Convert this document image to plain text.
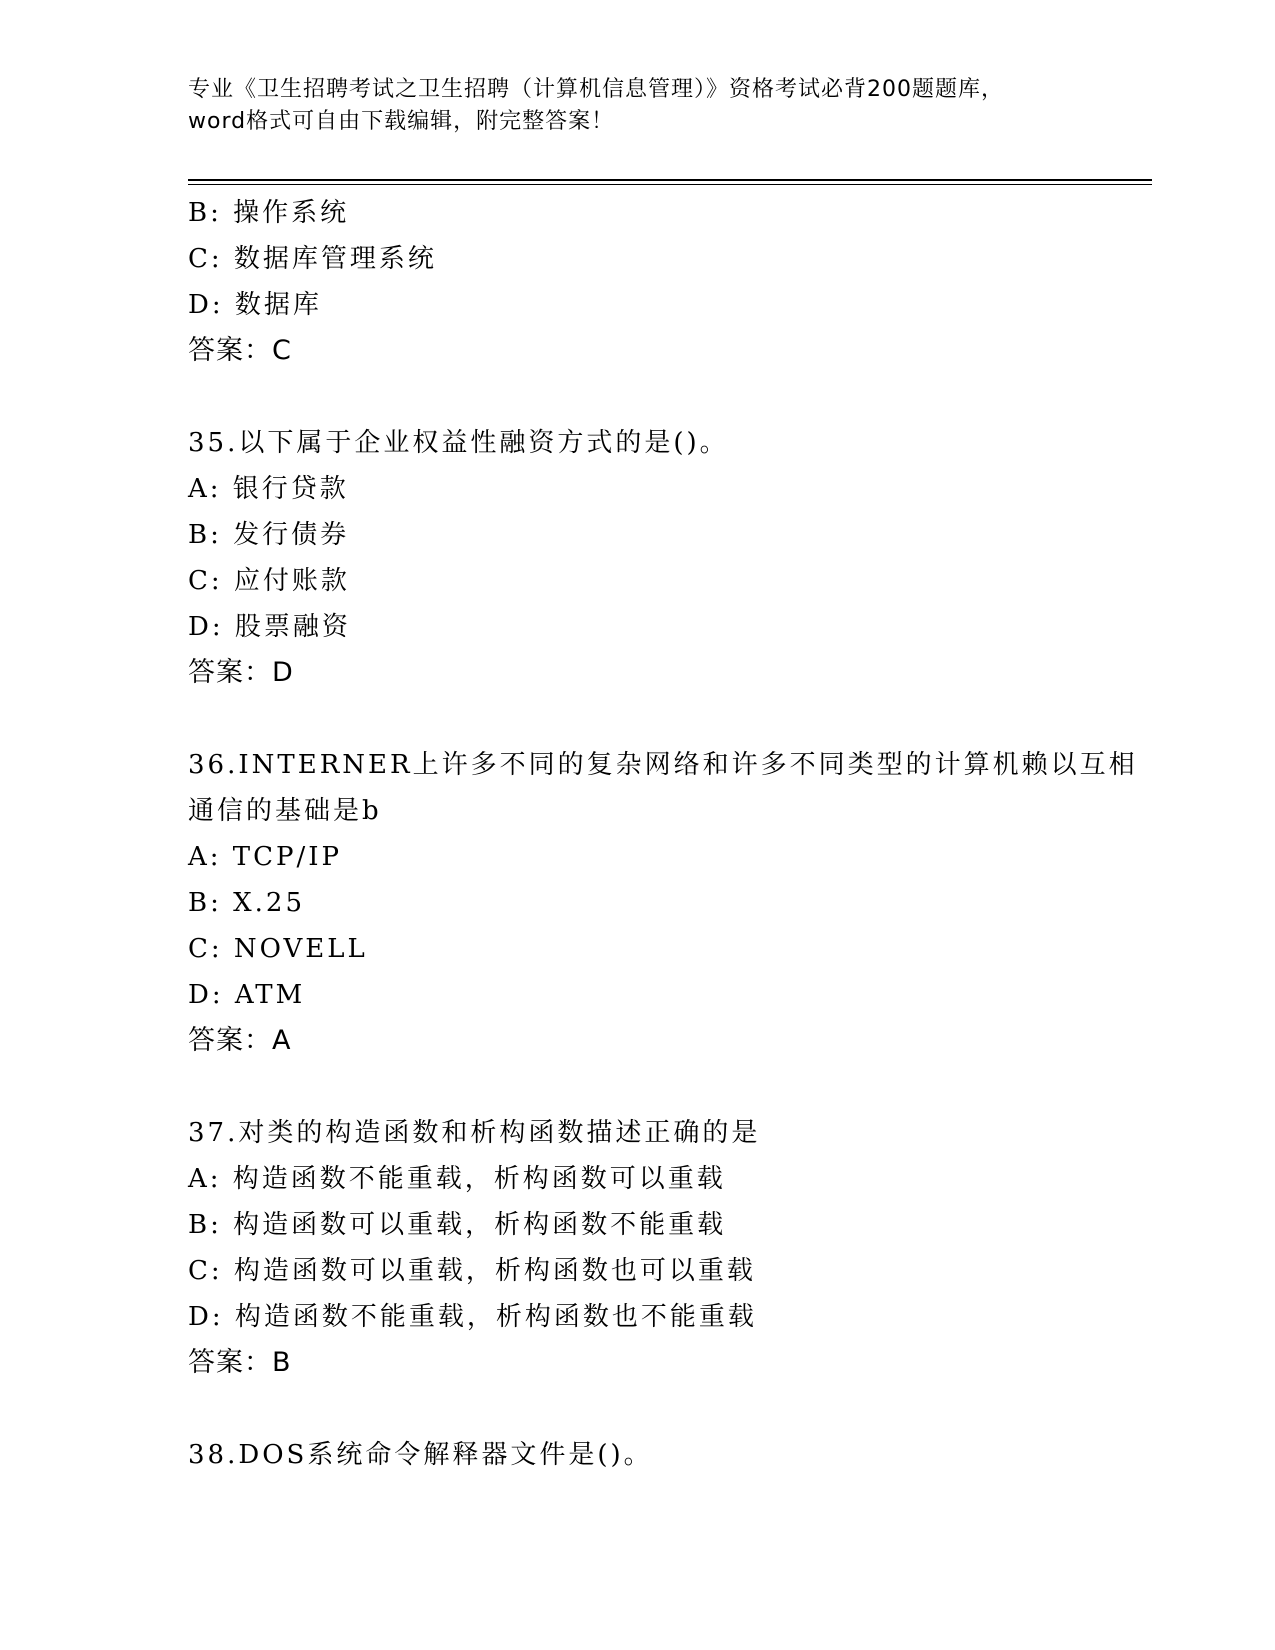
专业《卫生招聘考试之卫生招聘（计算机信息管理）》资格考试必背200题题库，
word格式可自由下载编辑，附完整答案！
B: 操作系统
C: 数据库管理系统
D: 数据库
答案：C
35.以下属于企业权益性融资方式的是()。
A: 银行贷款
B: 发行债券
C: 应付账款
D: 股票融资
答案：D
36.INTERNER上许多不同的复杂网络和许多不同类型的计算机赖以互相
通信的基础是b
A: TCP/IP
B: X.25
C: NOVELL
D: ATM
答案：A
37.对类的构造函数和析构函数描述正确的是
A: 构造函数不能重载，析构函数可以重载
B: 构造函数可以重载，析构函数不能重载
C: 构造函数可以重载，析构函数也可以重载
D: 构造函数不能重载，析构函数也不能重载
答案：B
38.DOS系统命令解释器文件是()。
